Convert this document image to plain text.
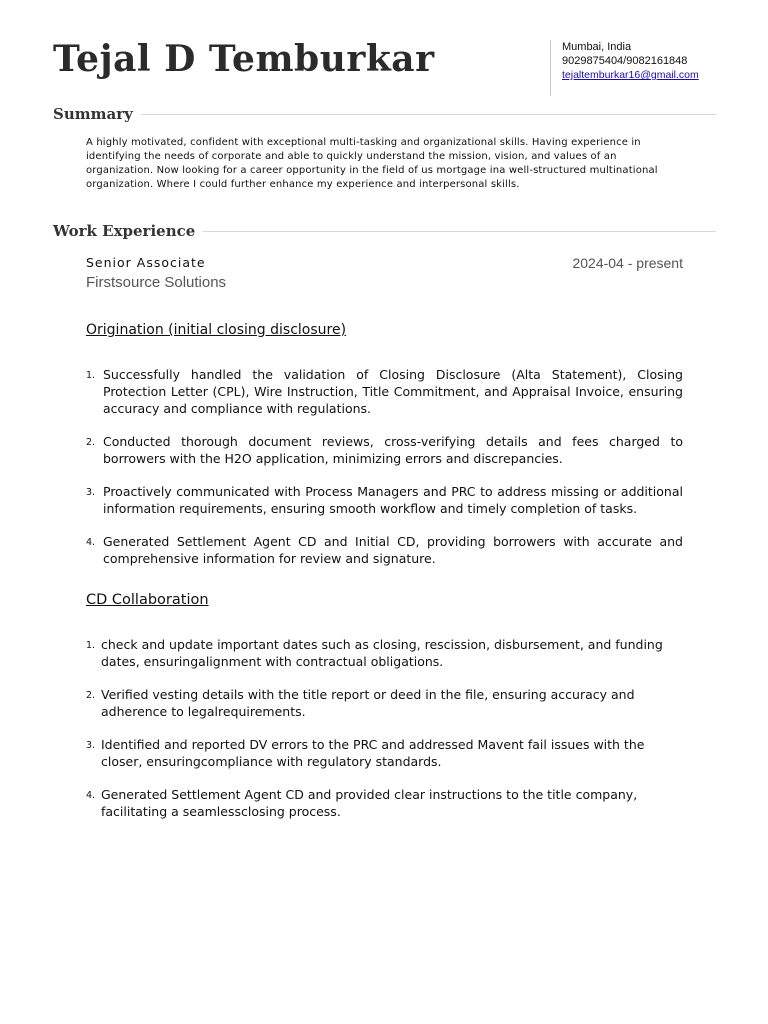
Tejal D Temburkar	Mumbai, India
9029875404/9082161848
tejaltemburkar16@gmail.com
Summary
A highly motivated, confident with exceptional multi-tasking and organizational skills. Having experience in identifying the needs of corporate and able to quickly understand the mission, vision, and values of an organization. Now looking for a career opportunity in the field of us mortgage ina well-structured multinational organization. Where I could further enhance my experience and interpersonal skills.
Work Experience
Senior Associate	2024-04 - present
Firstsource Solutions
Origination (initial closing disclosure)
1. Successfully handled the validation of Closing Disclosure (Alta Statement), Closing Protection Letter (CPL), Wire Instruction, Title Commitment, and Appraisal Invoice, ensuring accuracy and compliance with regulations.
2. Conducted thorough document reviews, cross-verifying details and fees charged to borrowers with the H2O application, minimizing errors and discrepancies.
3. Proactively communicated with Process Managers and PRC to address missing or additional information requirements, ensuring smooth workflow and timely completion of tasks.
4. Generated Settlement Agent CD and Initial CD, providing borrowers with accurate and comprehensive information for review and signature.
CD Collaboration
1. check and update important dates such as closing, rescission, disbursement, and funding dates, ensuringalignment with contractual obligations.
2. Verified vesting details with the title report or deed in the file, ensuring accuracy and adherence to legalrequirements.
3. Identified and reported DV errors to the PRC and addressed Mavent fail issues with the closer, ensuringcompliance with regulatory standards.
4. Generated Settlement Agent CD and provided clear instructions to the title company, facilitating a seamlessclosing process.
